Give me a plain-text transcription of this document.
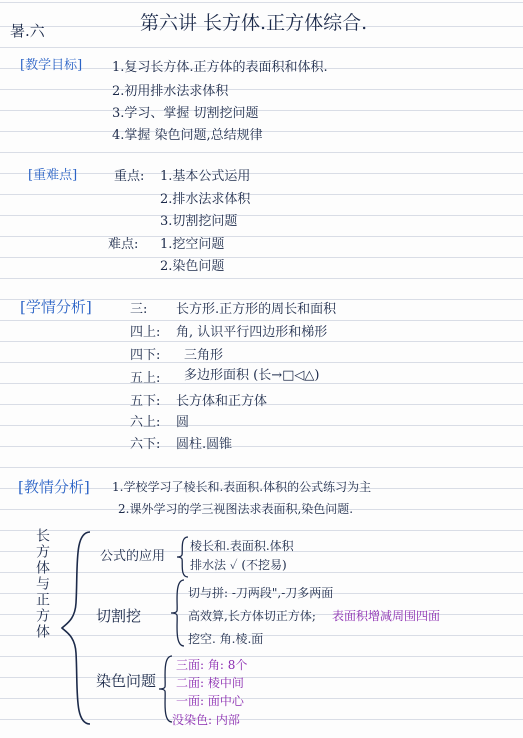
暑.六	第六讲 长方体.正方体综合.
[教学目标] 1.复习长方体.正方体的表面积和体积.
2.初用排水法求体积
3.学习、掌握 切割挖问题
4.掌握 染色问题,总结规律
[重难点]	重点: 1.基本公式运用
2.排水法求体积
3.切割挖问题
难点: 1.挖空问题
2.染色问题
[学情分析]	三: 长方形.正方形的周长和面积
四上: 角, 认识平行四边形和梯形
四下: 三角形
五上: 多边形面积 (长→□◁△)
五下: 长方体和正方体
六上: 圆
六下: 圆柱.圆锥
[教情分析] 1.学校学习了棱长和.表面积.体积的公式练习为主
2.课外学习的学三视图法求表面积,染色问题.
长方体与正方体	公式的应用
棱长和.表面积.体积
排水法 ✓ (不挖易)
切割挖
切与拼: -刀两段",-刀多两面
高效算,长方体切正方体; 表面积增减周围四面
挖空. 角.棱.面
染色问题
三面: 角: 8个
二面: 棱中间
一面: 面中心
没染色: 内部
